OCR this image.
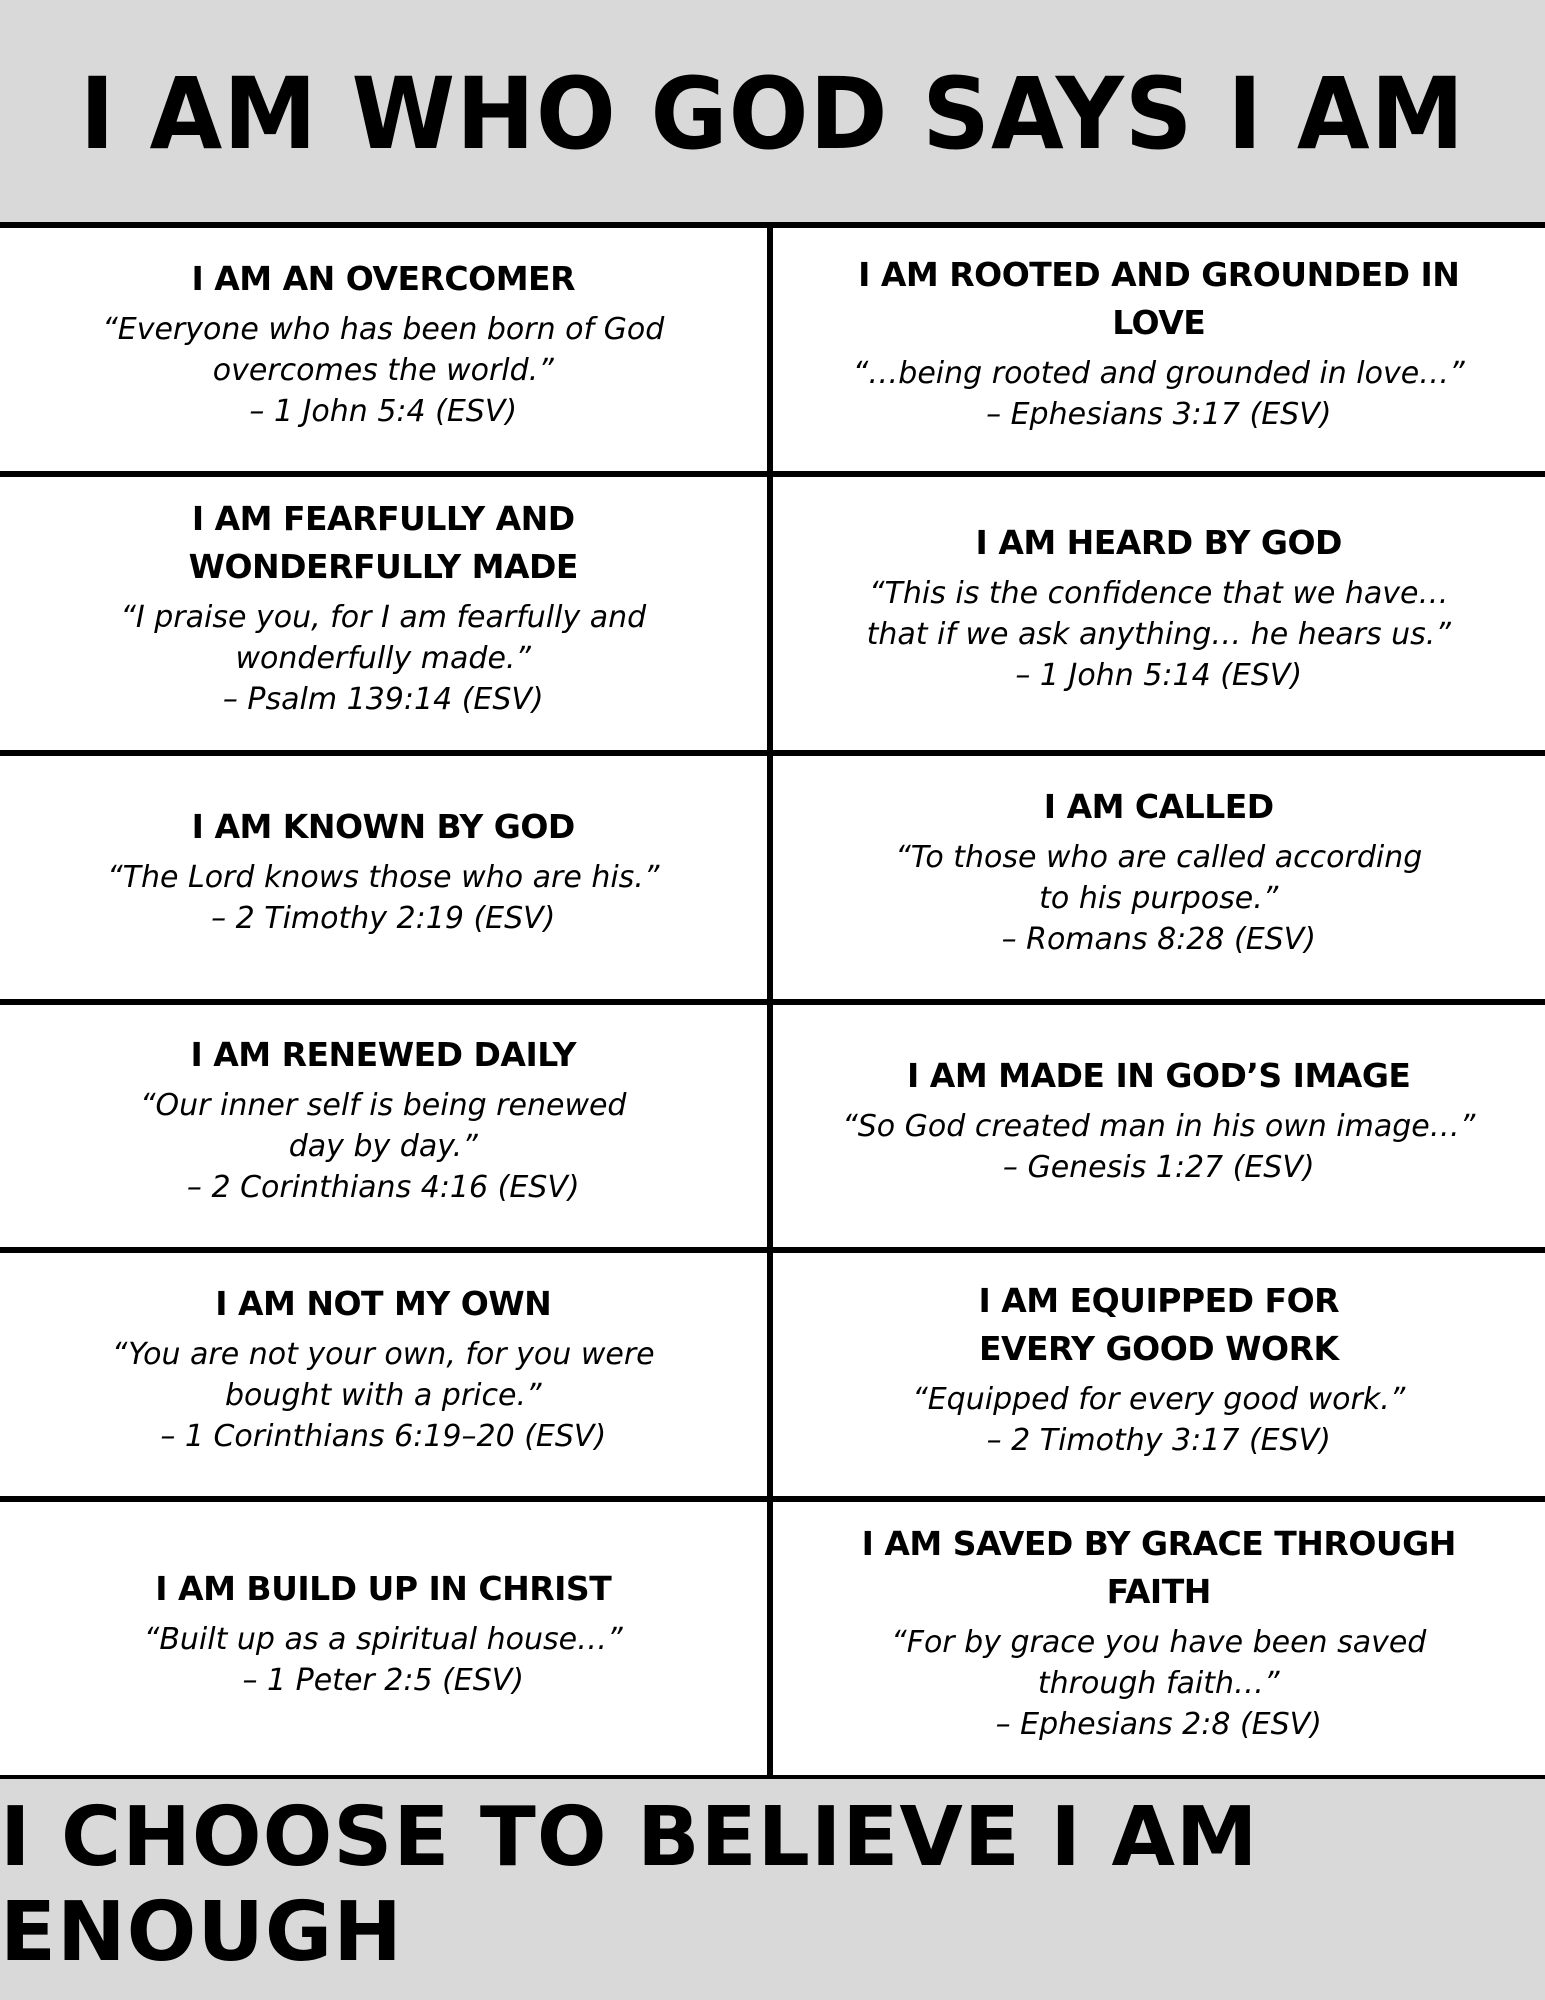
I AM WHO GOD SAYS I AM
I AM AN OVERCOMER
“Everyone who has been born of God
overcomes the world.”
– 1 John 5:4 (ESV)
I AM ROOTED AND GROUNDED IN LOVE
“…being rooted and grounded in love…”
– Ephesians 3:17 (ESV)
I AM FEARFULLY AND WONDERFULLY MADE
“I praise you, for I am fearfully and
wonderfully made.”
– Psalm 139:14 (ESV)
I AM HEARD BY GOD
“This is the confidence that we have…
that if we ask anything… he hears us.”
– 1 John 5:14 (ESV)
I AM KNOWN BY GOD
“The Lord knows those who are his.”
– 2 Timothy 2:19 (ESV)
I AM CALLED
“To those who are called according
to his purpose.”
– Romans 8:28 (ESV)
I AM RENEWED DAILY
“Our inner self is being renewed
day by day.”
– 2 Corinthians 4:16 (ESV)
I AM MADE IN GOD’S IMAGE
“So God created man in his own image…”
– Genesis 1:27 (ESV)
I AM NOT MY OWN
“You are not your own, for you were
bought with a price.”
– 1 Corinthians 6:19–20 (ESV)
I AM EQUIPPED FOR EVERY GOOD WORK
“Equipped for every good work.”
– 2 Timothy 3:17 (ESV)
I AM BUILD UP IN CHRIST
“Built up as a spiritual house…”
– 1 Peter 2:5 (ESV)
I AM SAVED BY GRACE THROUGH FAITH
“For by grace you have been saved
through faith…”
– Ephesians 2:8 (ESV)
I CHOOSE TO BELIEVE I AM ENOUGH
